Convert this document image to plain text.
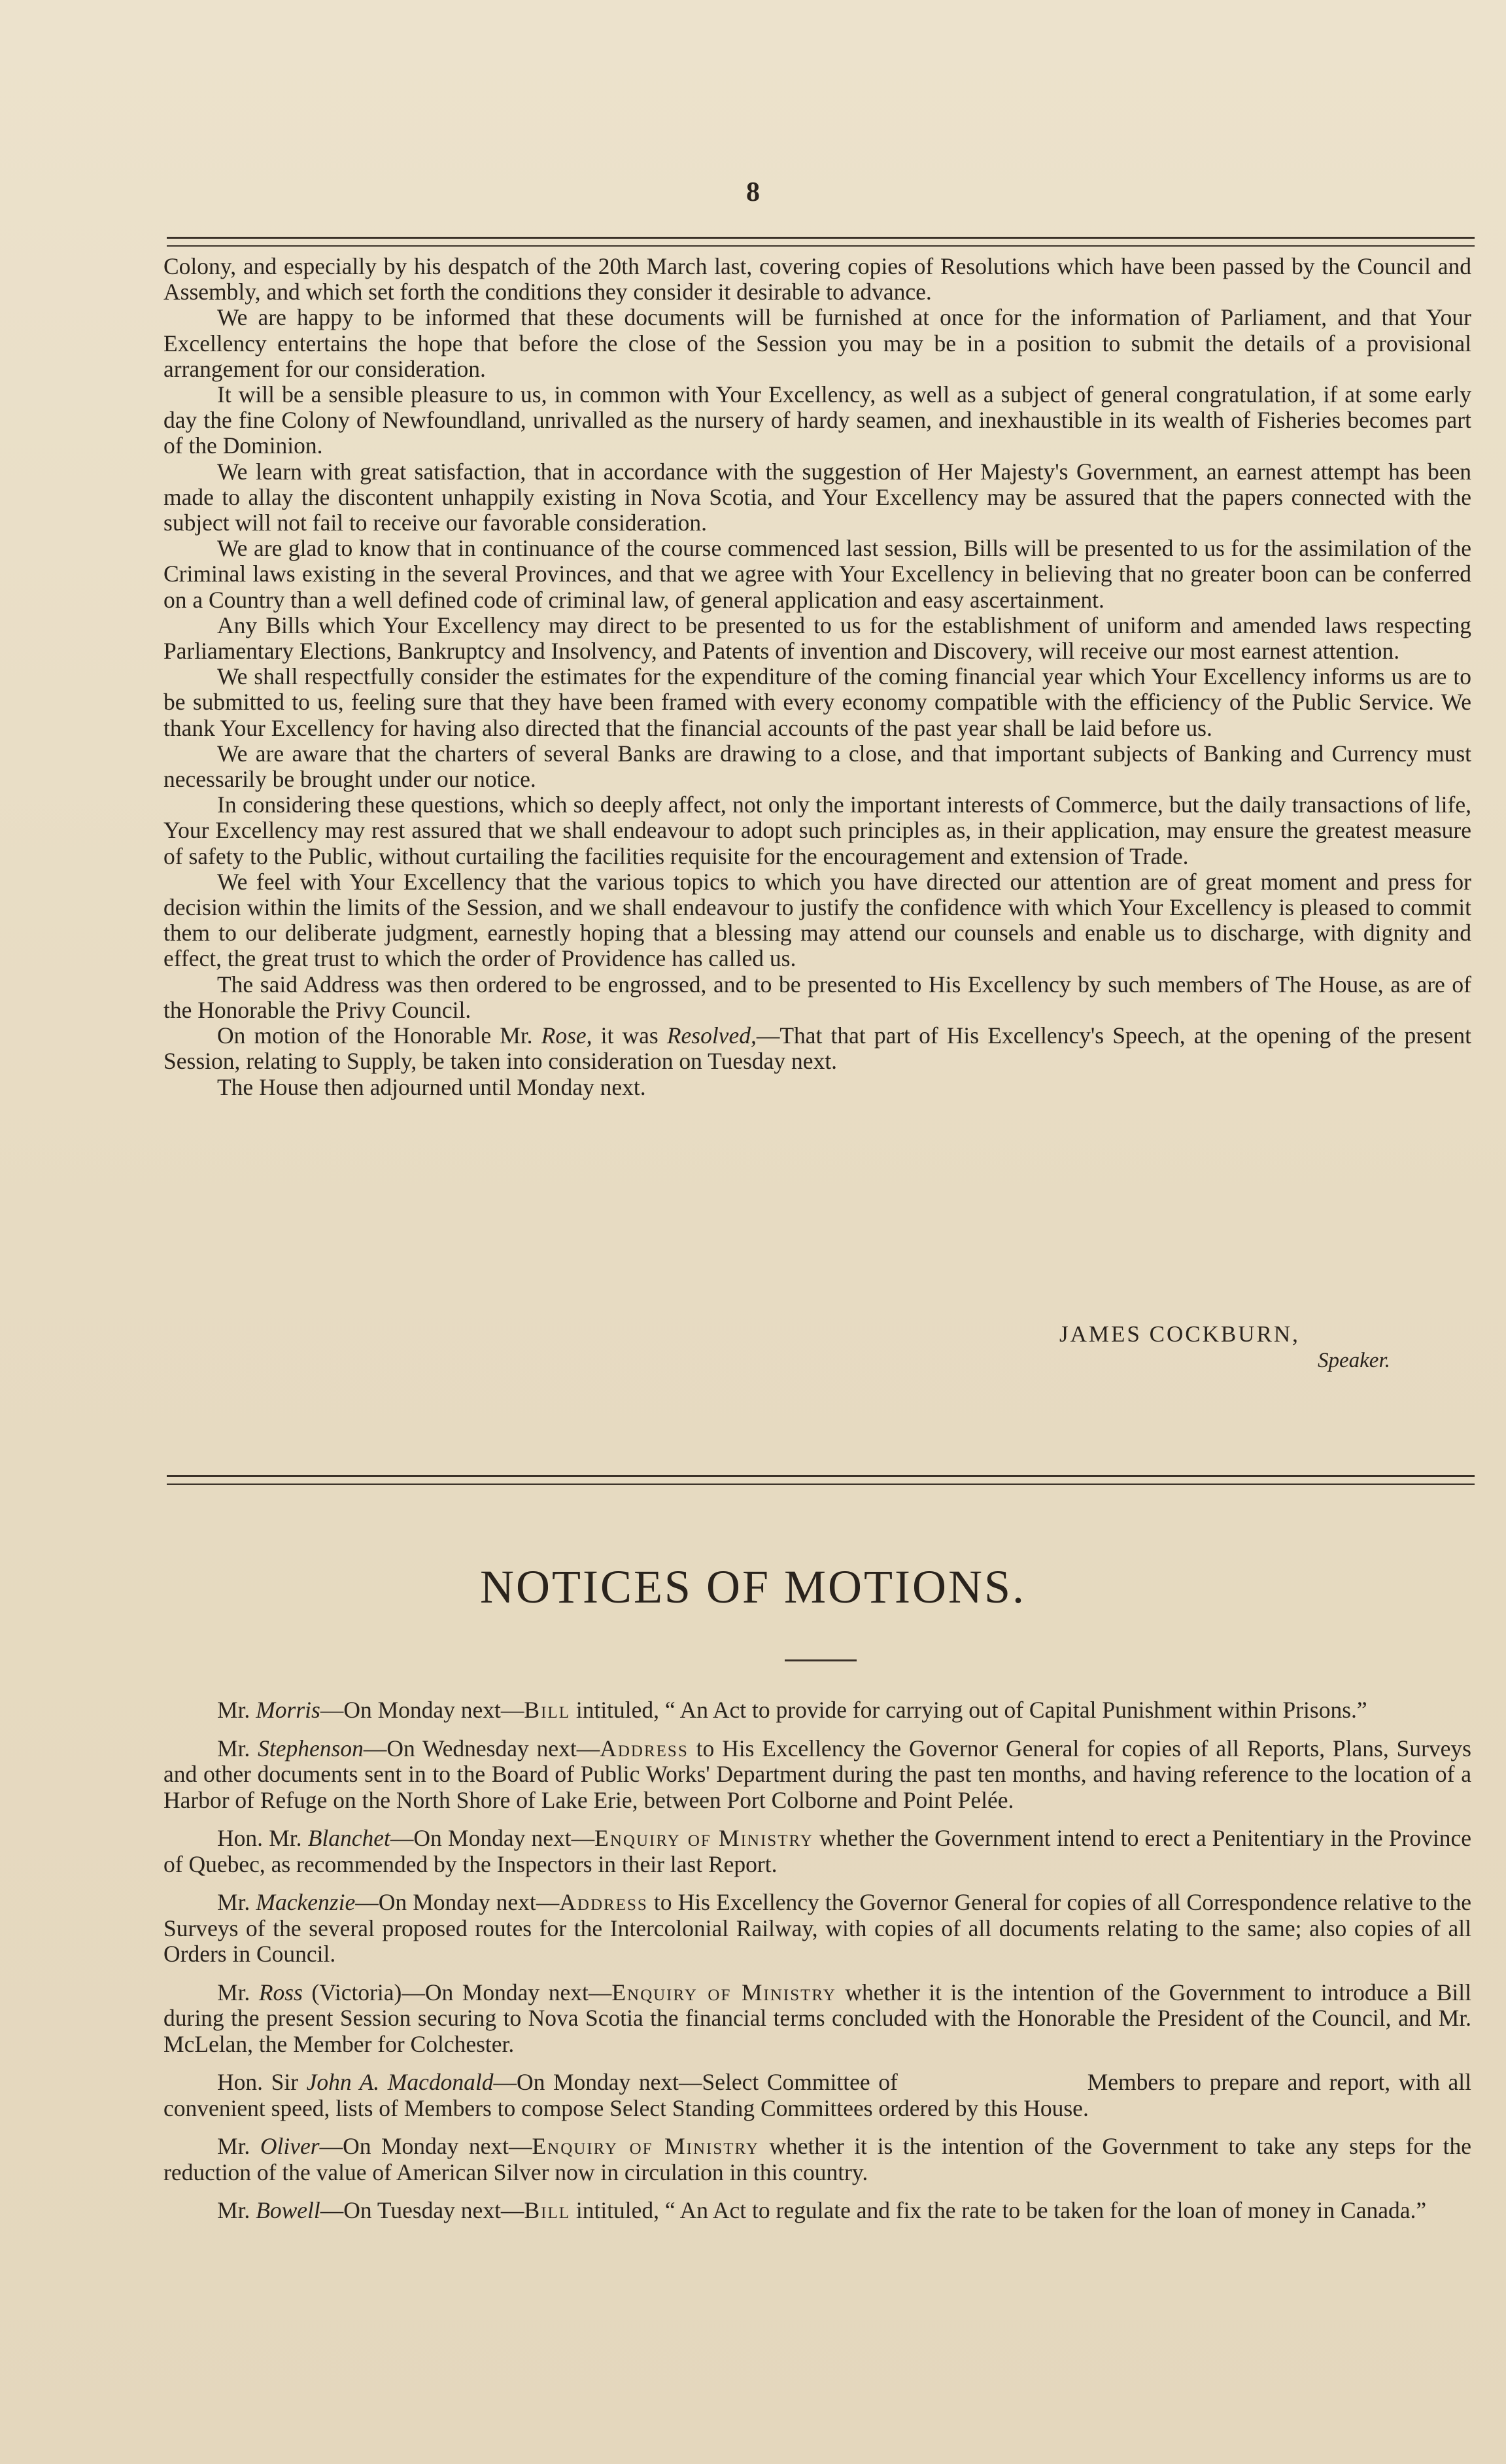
8

Colony, and especially by his despatch of the 20th March last, covering copies of Resolutions which have been passed by the Council and Assembly, and which set forth the conditions they consider it desirable to advance.

We are happy to be informed that these documents will be furnished at once for the information of Parliament, and that Your Excellency entertains the hope that before the close of the Session you may be in a position to submit the details of a provisional arrangement for our consideration.

It will be a sensible pleasure to us, in common with Your Excellency, as well as a subject of general congratulation, if at some early day the fine Colony of Newfoundland, unrivalled as the nursery of hardy seamen, and inexhaustible in its wealth of Fisheries becomes part of the Dominion.

We learn with great satisfaction, that in accordance with the suggestion of Her Majesty's Government, an earnest attempt has been made to allay the discontent unhappily existing in Nova Scotia, and Your Excellency may be assured that the papers connected with the subject will not fail to receive our favorable consideration.

We are glad to know that in continuance of the course commenced last session, Bills will be presented to us for the assimilation of the Criminal laws existing in the several Provinces, and that we agree with Your Excellency in believing that no greater boon can be conferred on a Country than a well defined code of criminal law, of general application and easy ascertainment.

Any Bills which Your Excellency may direct to be presented to us for the establishment of uniform and amended laws respecting Parliamentary Elections, Bankruptcy and Insolvency, and Patents of invention and Discovery, will receive our most earnest attention.

We shall respectfully consider the estimates for the expenditure of the coming financial year which Your Excellency informs us are to be submitted to us, feeling sure that they have been framed with every economy compatible with the efficiency of the Public Service. We thank Your Excellency for having also directed that the financial accounts of the past year shall be laid before us.

We are aware that the charters of several Banks are drawing to a close, and that important subjects of Banking and Currency must necessarily be brought under our notice.

In considering these questions, which so deeply affect, not only the important interests of Commerce, but the daily transactions of life, Your Excellency may rest assured that we shall endeavour to adopt such principles as, in their application, may ensure the greatest measure of safety to the Public, without curtailing the facilities requisite for the encouragement and extension of Trade.

We feel with Your Excellency that the various topics to which you have directed our attention are of great moment and press for decision within the limits of the Session, and we shall endeavour to justify the confidence with which Your Excellency is pleased to commit them to our deliberate judgment, earnestly hoping that a blessing may attend our counsels and enable us to discharge, with dignity and effect, the great trust to which the order of Providence has called us.

The said Address was then ordered to be engrossed, and to be presented to His Excellency by such members of The House, as are of the Honorable the Privy Council.

On motion of the Honorable Mr. Rose, it was Resolved,—That that part of His Excellency's Speech, at the opening of the present Session, relating to Supply, be taken into consideration on Tuesday next.

The House then adjourned until Monday next.

JAMES COCKBURN,
Speaker.
NOTICES OF MOTIONS.

Mr. Morris—On Monday next—Bill intituled, “ An Act to provide for carrying out of Capital Punishment within Prisons.”

Mr. Stephenson—On Wednesday next—Address to His Excellency the Governor General for copies of all Reports, Plans, Surveys and other documents sent in to the Board of Public Works' Department during the past ten months, and having reference to the location of a Harbor of Refuge on the North Shore of Lake Erie, between Port Colborne and Point Pelée.

Hon. Mr. Blanchet—On Monday next—Enquiry of Ministry whether the Government intend to erect a Penitentiary in the Province of Quebec, as recommended by the Inspectors in their last Report.

Mr. Mackenzie—On Monday next—Address to His Excellency the Governor General for copies of all Correspondence relative to the Surveys of the several proposed routes for the Intercolonial Railway, with copies of all documents relating to the same; also copies of all Orders in Council.

Mr. Ross (Victoria)—On Monday next—Enquiry of Ministry whether it is the intention of the Government to introduce a Bill during the present Session securing to Nova Scotia the financial terms concluded with the Honorable the President of the Council, and Mr. McLelan, the Member for Colchester.

Hon. Sir John A. Macdonald—On Monday next—Select Committee of                       Members to prepare and report, with all convenient speed, lists of Members to compose Select Standing Committees ordered by this House.

Mr. Oliver—On Monday next—Enquiry of Ministry whether it is the intention of the Government to take any steps for the reduction of the value of American Silver now in circulation in this country.

Mr. Bowell—On Tuesday next—Bill intituled, “ An Act to regulate and fix the rate to be taken for the loan of money in Canada.”
